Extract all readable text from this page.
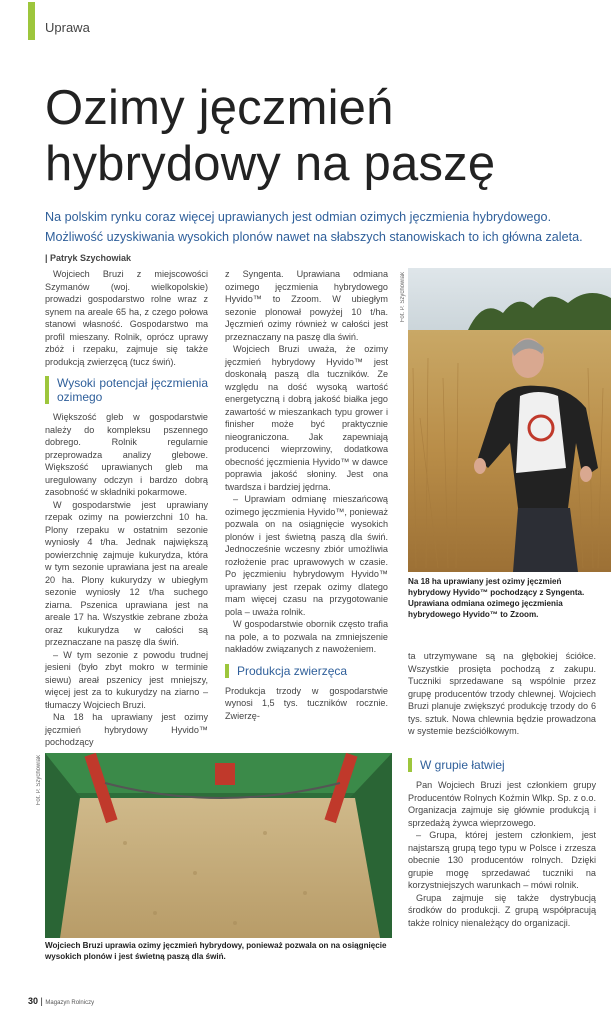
Uprawa
Ozimy jęczmień hybrydowy na paszę
Na polskim rynku coraz więcej uprawianych jest odmian ozimych jęczmienia hybrydowego. Możliwość uzyskiwania wysokich plonów nawet na słabszych stanowiskach to ich główna zaleta. | Patryk Szychowiak

Wojciech Bruzi z miejscowości Szymanów (woj. wielkopolskie) prowadzi gospodarstwo rolne wraz z synem na areale 65 ha, z czego połowa stanowi własność. Gospodarstwo ma profil mieszany. Rolnik, oprócz uprawy zbóż i rzepaku, zajmuje się także produkcją zwierzęcą (tucz świń).

Wysoki potencjał jęczmienia ozimego

Większość gleb w gospodarstwie należy do kompleksu pszennego dobrego. Rolnik regularnie przeprowadza analizy glebowe. Większość uprawianych gleb ma uregulowany odczyn i bardzo dobrą zasobność w składniki pokarmowe.

W gospodarstwie jest uprawiany rzepak ozimy na powierzchni 10 ha. Plony rzepaku w ostatnim sezonie wyniosły 4 t/ha. Jednak największą powierzchnię zajmuje kukurydza, która w tym sezonie uprawiana jest na areale 20 ha. Plony kukurydzy w ubiegłym sezonie wyniosły 12 t/ha suchego ziarna. Pszenica uprawiana jest na areale 17 ha. Wszystkie zebrane zboża oraz kukurydza w całości są przeznaczane na paszę dla świń.

– W tym sezonie z powodu trudnej jesieni (było zbyt mokro w terminie siewu) areał pszenicy jest mniejszy, więcej jest za to kukurydzy na ziarno – tłumaczy Wojciech Bruzi.

Na 18 ha uprawiany jest ozimy jęczmień hybrydowy Hyvido™ pochodzący

z Syngenta. Uprawiana odmiana ozimego jęczmienia hybrydowego Hyvido™ to Zzoom. W ubiegłym sezonie plonował powyżej 10 t/ha. Jęczmień ozimy również w całości jest przeznaczany na paszę dla świń.

Wojciech Bruzi uważa, że ozimy jęczmień hybrydowy Hyvido™ jest doskonałą paszą dla tuczników. Ze względu na dość wysoką wartość energetyczną i dobrą jakość białka jego zawartość w mieszankach typu grower i finisher może być praktycznie nieograniczona. Jak zapewniają producenci wieprzowiny, dodatkowa obecność jęczmienia Hyvido™ w dawce poprawia jakość słoniny. Jest ona twardsza i bardziej jędrna.

– Uprawiam odmianę mieszańcową ozimego jęczmienia Hyvido™, ponieważ pozwala on na osiągnięcie wysokich plonów i jest świetną paszą dla świń. Jednocześnie wczesny zbiór umożliwia rozłożenie prac uprawowych w czasie. Po jęczmieniu hybrydowym Hyvido™ uprawiany jest rzepak ozimy dlatego mam więcej czasu na przygotowanie pola – uważa rolnik.

W gospodarstwie obornik często trafia na pole, a to pozwala na zmniejszenie nakładów związanych z nawożeniem.

Produkcja zwierzęca

Produkcja trzody w gospodarstwie wynosi 1,5 tys. tuczników rocznie. Zwierzę-

Fot. P. Szychowiak
Na 18 ha uprawiany jest ozimy jęczmień hybrydowy Hyvido™ pochodzący z Syngenta. Uprawiana odmiana ozimego jęczmienia hybrydowego Hyvido™ to Zzoom.

ta utrzymywane są na głębokiej ściółce. Wszystkie prosięta pochodzą z zakupu. Tuczniki sprzedawane są wspólnie przez grupę producentów trzody chlewnej. Wojciech Bruzi planuje zwiększyć produkcję trzody do 6 tys. sztuk. Nowa chlewnia będzie prowadzona w systemie bezściółkowym.

W grupie łatwiej

Pan Wojciech Bruzi jest członkiem grupy Producentów Rolnych Koźmin Wlkp. Sp. z o.o. Organizacja zajmuje się głównie produkcją i sprzedażą żywca wieprzowego.

– Grupa, której jestem członkiem, jest najstarszą grupą tego typu w Polsce i zrzesza obecnie 130 producentów rolnych. Dzięki grupie mogę sprzedawać tuczniki na korzystniejszych warunkach – mówi rolnik.

Grupa zajmuje się także dystrybucją środków do produkcji. Z grupą współpracują także rolnicy nienależący do organizacji.

Fot. P. Szychowiak
Wojciech Bruzi uprawia ozimy jęczmień hybrydowy, ponieważ pozwala on na osiągnięcie wysokich plonów i jest świetną paszą dla świń.
30 | Magazyn Rolniczy
